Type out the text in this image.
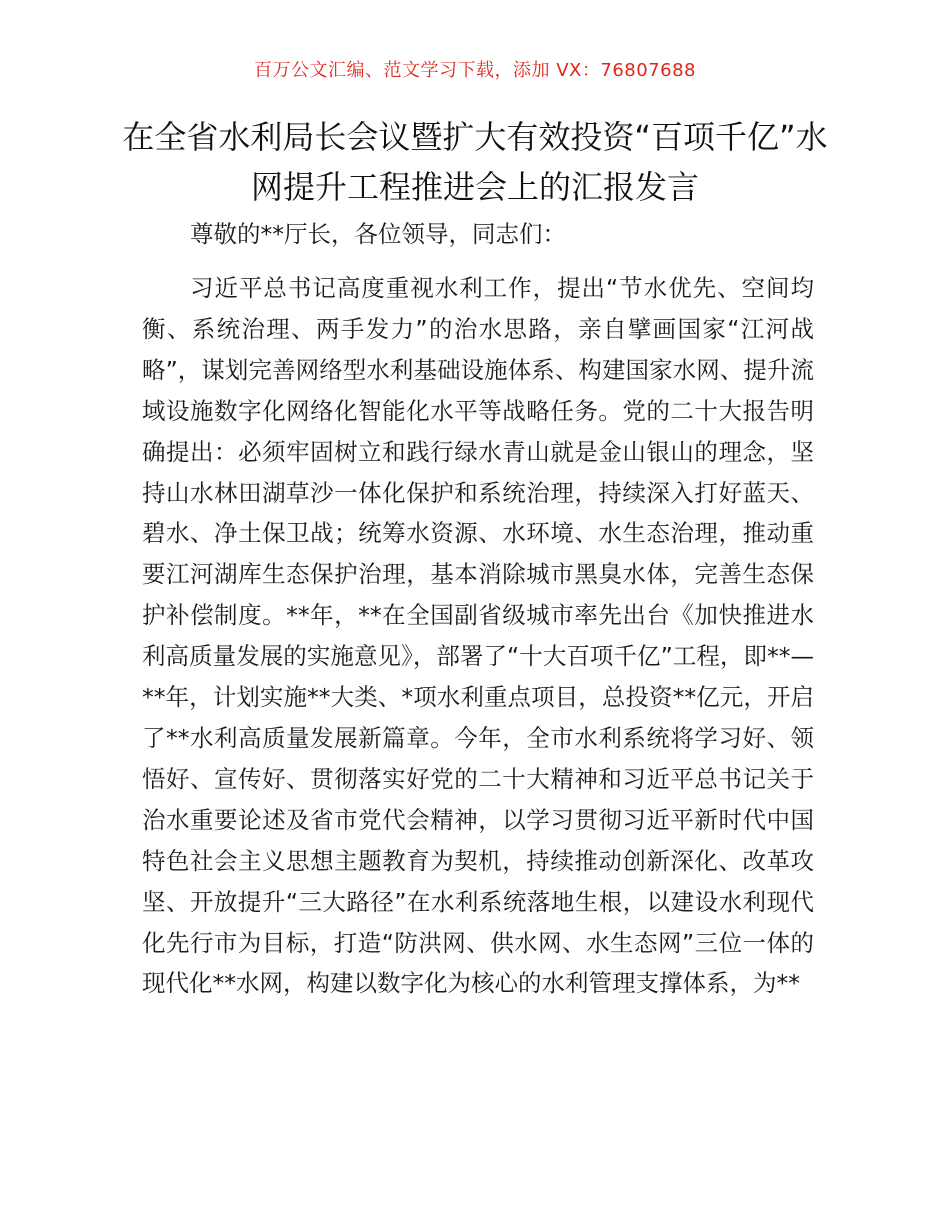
百万公文汇编、范文学习下载，添加 VX：76807688
在全省水利局长会议暨扩大有效投资“百项千亿”水网提升工程推进会上的汇报发言

尊敬的**厅长，各位领导，同志们：

习近平总书记高度重视水利工作，提出“节水优先、空间均衡、系统治理、两手发力”的治水思路，亲自擘画国家“江河战略”，谋划完善网络型水利基础设施体系、构建国家水网、提升流域设施数字化网络化智能化水平等战略任务。党的二十大报告明确提出：必须牢固树立和践行绿水青山就是金山银山的理念，坚持山水林田湖草沙一体化保护和系统治理，持续深入打好蓝天、碧水、净土保卫战；统筹水资源、水环境、水生态治理，推动重要江河湖库生态保护治理，基本消除城市黑臭水体，完善生态保护补偿制度。**年，**在全国副省级城市率先出台《加快推进水利高质量发展的实施意见》，部署了“十大百项千亿”工程，即**—**年，计划实施**大类、*项水利重点项目，总投资**亿元，开启了**水利高质量发展新篇章。今年，全市水利系统将学习好、领悟好、宣传好、贯彻落实好党的二十大精神和习近平总书记关于治水重要论述及省市党代会精神，以学习贯彻习近平新时代中国特色社会主义思想主题教育为契机，持续推动创新深化、改革攻坚、开放提升“三大路径”在水利系统落地生根，以建设水利现代化先行市为目标，打造“防洪网、供水网、水生态网”三位一体的现代化**水网，构建以数字化为核心的水利管理支撑体系，为**
